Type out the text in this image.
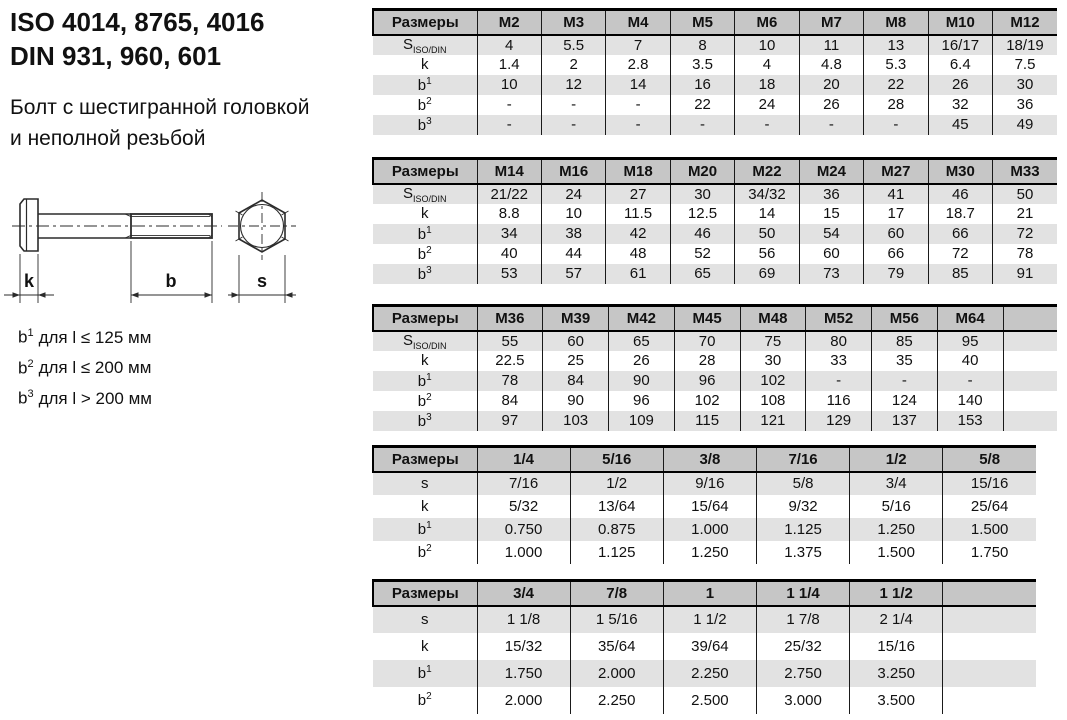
ISO 4014, 8765, 4016
DIN 931, 960, 601

Болт с шестигранной головкой
и неполной резьбой

k	b	s
$b^1$ для l ≤ 125 мм
$b^2$ для l ≤ 200 мм
$b^3$ для l > 200 мм
Размеры	M2	M3	M4	M5	M6	M7	M8	M10	M12
$S_{ISO/DIN}$	4	5.5	7	8	10	11	13	16/17	18/19
k	1.4	2	2.8	3.5	4	4.8	5.3	6.4	7.5
$b^1$	10	12	14	16	18	20	22	26	30
$b^2$	-	-	-	22	24	26	28	32	36
$b^3$	-	-	-	-	-	-	-	45	49
Размеры	M14	M16	M18	M20	M22	M24	M27	M30	M33
$S_{ISO/DIN}$	21/22	24	27	30	34/32	36	41	46	50
k	8.8	10	11.5	12.5	14	15	17	18.7	21
$b^1$	34	38	42	46	50	54	60	66	72
$b^2$	40	44	48	52	56	60	66	72	78
$b^3$	53	57	61	65	69	73	79	85	91
Размеры	M36	M39	M42	M45	M48	M52	M56	M64	
$S_{ISO/DIN}$	55	60	65	70	75	80	85	95	
k	22.5	25	26	28	30	33	35	40	
$b^1$	78	84	90	96	102	-	-	-	
$b^2$	84	90	96	102	108	116	124	140	
$b^3$	97	103	109	115	121	129	137	153	
Размеры	1/4	5/16	3/8	7/16	1/2	5/8
s	7/16	1/2	9/16	5/8	3/4	15/16
k	5/32	13/64	15/64	9/32	5/16	25/64
$b^1$	0.750	0.875	1.000	1.125	1.250	1.500
$b^2$	1.000	1.125	1.250	1.375	1.500	1.750
Размеры	3/4	7/8	1	1 1/4	1 1/2	
s	1 1/8	1 5/16	1 1/2	1 7/8	2 1/4	
k	15/32	35/64	39/64	25/32	15/16	
$b^1$	1.750	2.000	2.250	2.750	3.250	
$b^2$	2.000	2.250	2.500	3.000	3.500	
